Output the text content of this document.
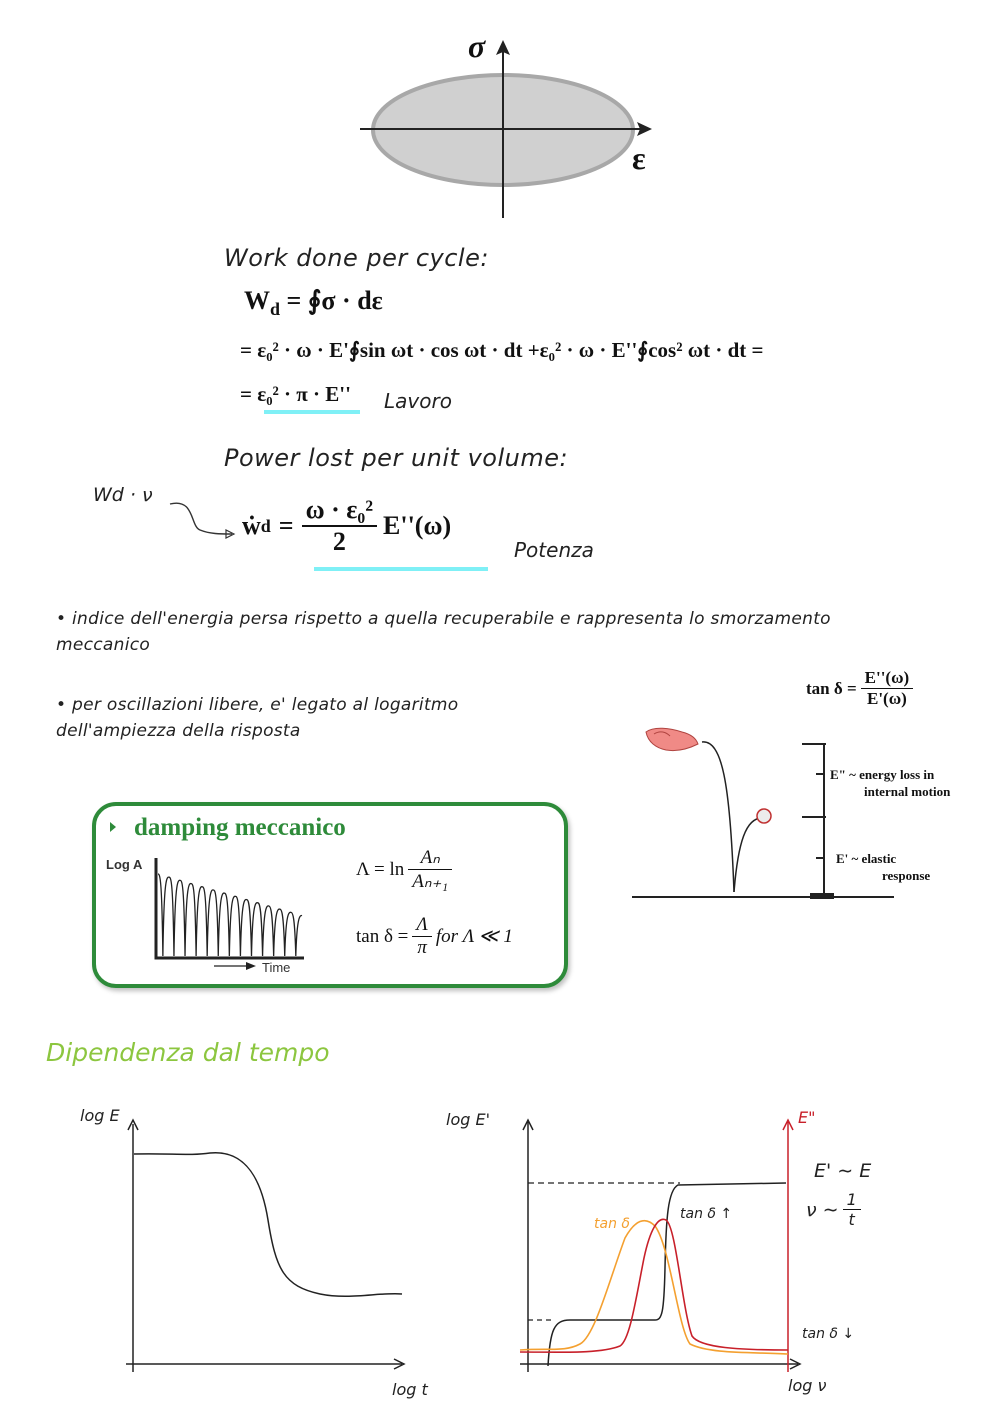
σ
ε
Work done per cycle:
$W_d$ = ∮σ · dε
= ε₀² · ω · E'∮sin ωt · cos ωt · dt +ε₀² · ω · E''∮cos² ωt · dt =
= ε₀² · π · E'' Lavoro
Power lost per unit volume:
Wd · ν
ẇ $d = \frac{\text{ω · ε₀²}}{2} E''(\omega)$
Potenza
• indice dell'energia persa rispetto a quella recuperabile e rappresenta lo smorzamento meccanico
• per oscillazioni libere, e' legato al logaritmo dell'ampiezza della risposta
$\tan \delta = \frac{E''(\omega)}{E'(\omega)}$
E" ~ energy loss in
internal motion
E' ~ elastic
response
damping meccanico
Log A
Time
$\Lambda = \ln \frac{\text{Aₙ}}{\text{Aₙ₊₁}}$
$\tan \delta = \frac{\Lambda}{\pi}$ for Λ ≪ 1
Dipendenza dal tempo
log E
log t
log E'	E"
log ν
tan δ
tan δ ↑
tan δ ↓
E' ∼ E
ν ∼ $\frac{1}{t}$
